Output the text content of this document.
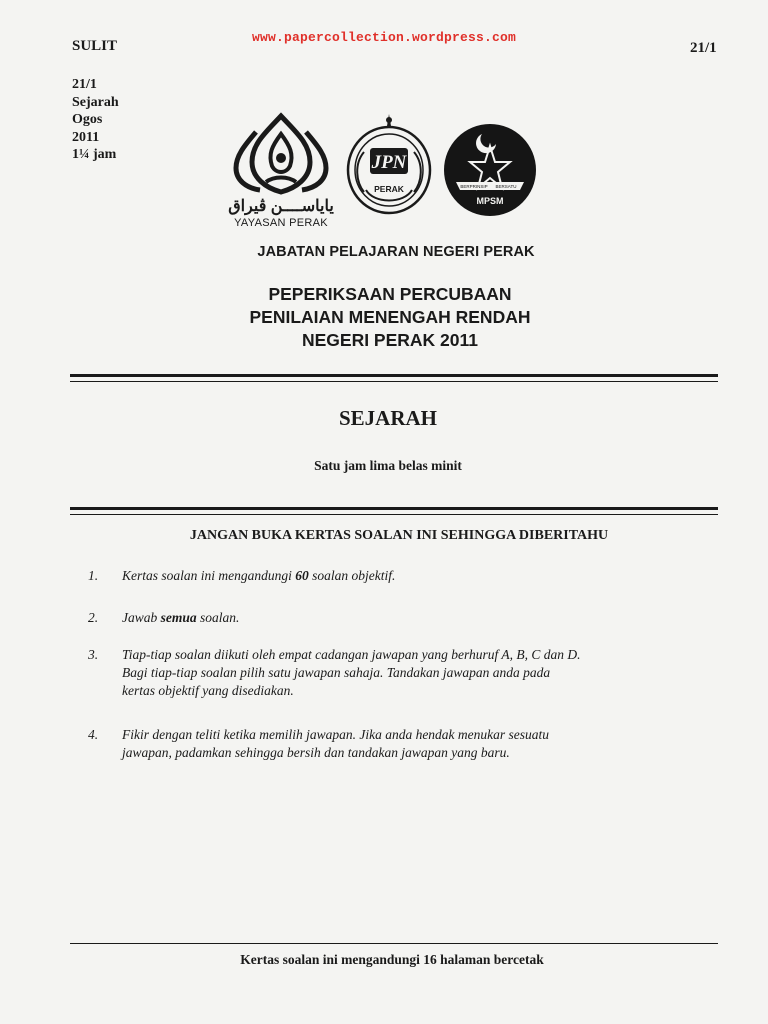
www.papercollection.wordpress.com
SULIT	21/1
21/1
Sejarah
Ogos
2011
1¼ jam
يايا‌ســــن ڤيراق
YAYASAN PERAK
JPN
PERAK	BERPRINSIP BERSATU
MPSM
JABATAN PELAJARAN NEGERI PERAK
PEPERIKSAAN PERCUBAAN
PENILAIAN MENENGAH RENDAH
NEGERI PERAK 2011
SEJARAH
Satu jam lima belas minit
JANGAN BUKA KERTAS SOALAN INI SEHINGGA DIBERITAHU
1. Kertas soalan ini mengandungi 60 soalan objektif.
2. Jawab semua soalan.
3. Tiap-tiap soalan diikuti oleh empat cadangan jawapan yang berhuruf A, B, C dan D.
Bagi tiap-tiap soalan pilih satu jawapan sahaja. Tandakan jawapan anda pada
kertas objektif yang disediakan.
4. Fikir dengan teliti ketika memilih jawapan. Jika anda hendak menukar sesuatu
jawapan, padamkan sehingga bersih dan tandakan jawapan yang baru.
Kertas soalan ini mengandungi 16 halaman bercetak
